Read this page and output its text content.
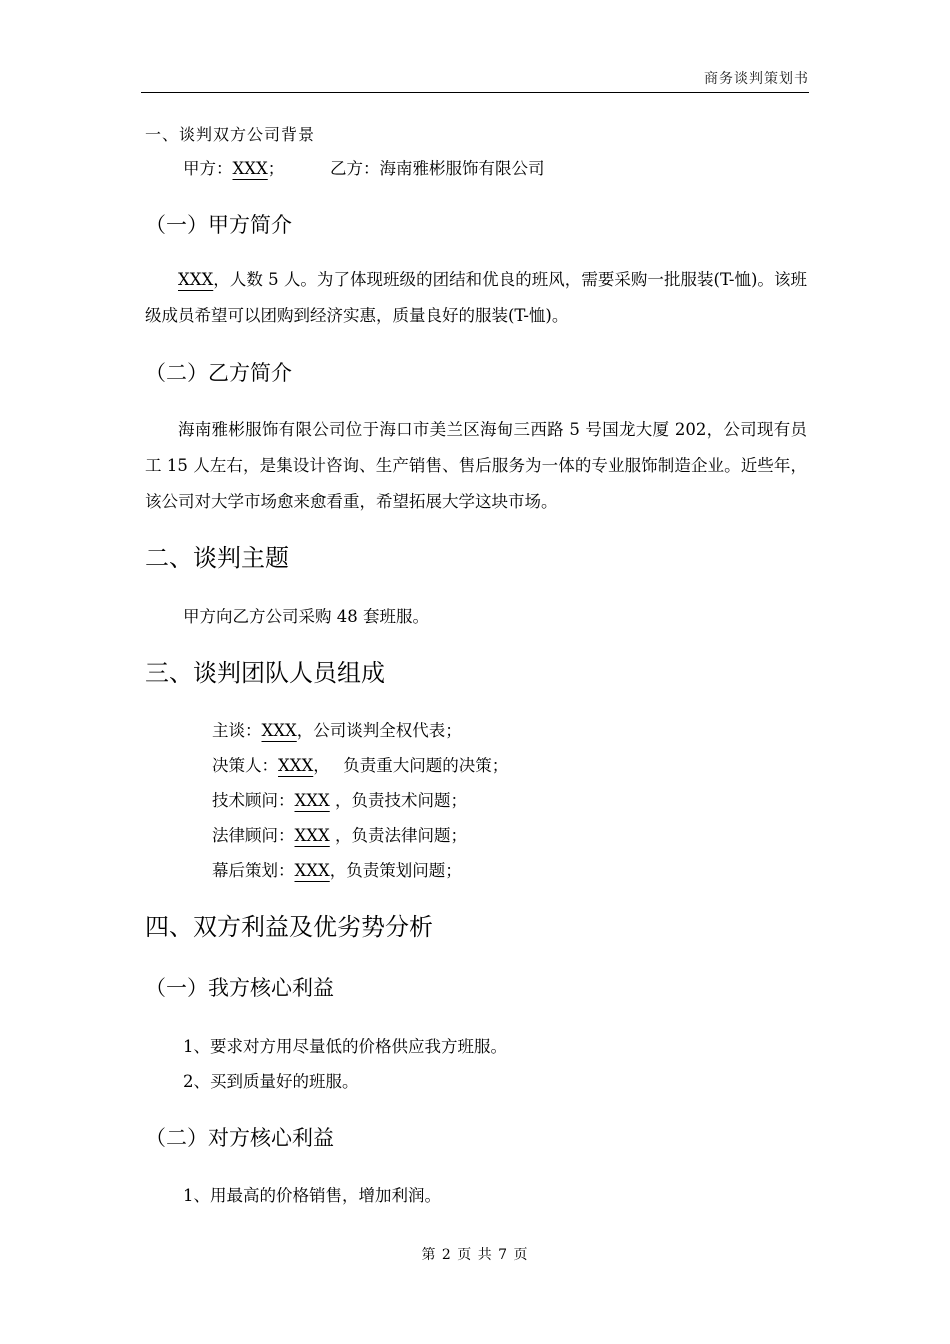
商务谈判策划书
一、谈判双方公司背景
甲方：XXX；	乙方：海南雅彬服饰有限公司
（一）甲方简介
XXX，人数 5 人。为了体现班级的团结和优良的班风，需要采购一批服装(T-恤)。该班级成员希望可以团购到经济实惠，质量良好的服装(T-恤)。
（二）乙方简介
海南雅彬服饰有限公司位于海口市美兰区海甸三西路 5 号国龙大厦 202，公司现有员工 15 人左右，是集设计咨询、生产销售、售后服务为一体的专业服饰制造企业。近些年，该公司对大学市场愈来愈看重，希望拓展大学这块市场。
二、谈判主题
甲方向乙方公司采购 48 套班服。
三、谈判团队人员组成
主谈：XXX，公司谈判全权代表；
决策人：XXX，　 负责重大问题的决策；
技术顾问：XXX ，负责技术问题；
法律顾问：XXX ，负责法律问题；
幕后策划：XXX，负责策划问题；
四、双方利益及优劣势分析
（一）我方核心利益
1、要求对方用尽量低的价格供应我方班服。
2、买到质量好的班服。
（二）对方核心利益
1、用最高的价格销售，增加利润。
第 2 页 共 7 页
